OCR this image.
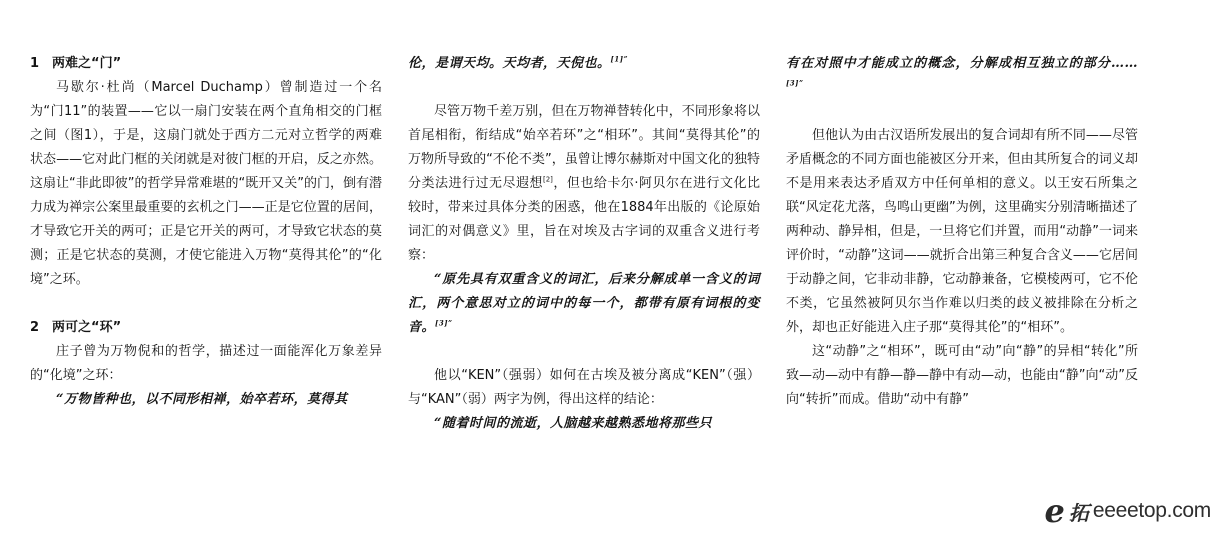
1　两难之“门”

马歇尔·杜尚（Marcel Duchamp）曾制造过一个名为“门11”的装置——它以一扇门安装在两个直角相交的门框之间（图1），于是，这扇门就处于西方二元对立哲学的两难状态——它对此门框的关闭就是对彼门框的开启，反之亦然。这扇让“非此即彼”的哲学异常难堪的“既开又关”的门，倒有潜力成为禅宗公案里最重要的玄机之门——正是它位置的居间，才导致它开关的两可；正是它开关的两可，才导致它状态的莫测；正是它状态的莫测，才使它能进入万物“莫得其伦”的“化境”之环。

2　两可之“环”

庄子曾为万物倪和的哲学，描述过一面能浑化万象差异的“化境”之环：

“万物皆种也，以不同形相禅，始卒若环，莫得其

伦，是谓天均。天均者，天倪也。$^{[1]”}$

尽管万物千差万别，但在万物禅替转化中，不同形象将以首尾相衔，衔结成“始卒若环”之“相环”。其间“莫得其伦”的万物所导致的“不伦不类”，虽曾让博尔赫斯对中国文化的独特分类法进行过无尽遐想[2]，但也给卡尔·阿贝尔在进行文化比较时，带来过具体分类的困惑，他在1884年出版的《论原始词汇的对偶意义》里，旨在对埃及古字词的双重含义进行考察：

“原先具有双重含义的词汇，后来分解成单一含义的词汇，两个意思对立的词中的每一个，都带有原有词根的变音。$^{[3]”}$

他以“KEN”（强弱）如何在古埃及被分离成“KEN”（强）与“KAN”（弱）两字为例，得出这样的结论：

“随着时间的流逝，人脑越来越熟悉地将那些只

有在对照中才能成立的概念，分解成相互独立的部分……$^{[3]”}$

但他认为由古汉语所发展出的复合词却有所不同——尽管矛盾概念的不同方面也能被区分开来，但由其所复合的词义却不是用来表达矛盾双方中任何单相的意义。以王安石所集之联“风定花尤落，鸟鸣山更幽”为例，这里确实分别清晰描述了两种动、静异相，但是，一旦将它们并置，而用“动静”一词来评价时，“动静”这词——就折合出第三种复合含义——它居间于动静之间，它非动非静，它动静兼备，它模棱两可，它不伦不类，它虽然被阿贝尔当作难以归类的歧义被排除在分析之外，却也正好能进入庄子那“莫得其伦”的“相环”。

这“动静”之“相环”，既可由“动”向“静”的异相“转化”所致—动—动中有静—静—静中有动—动，也能由“静”向“动”反向“转折”而成。借助“动中有静”

e 拓 eeeetop.com
